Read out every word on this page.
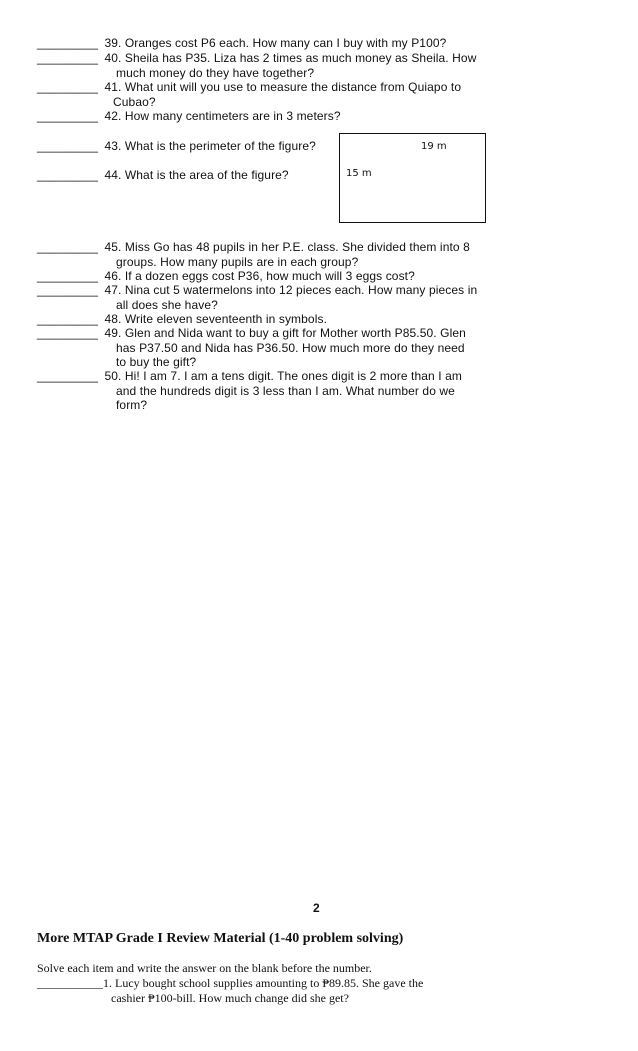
_________ 39. Oranges cost P6 each. How many can I buy with my P100?
_________ 40. Sheila has P35. Liza has 2 times as much money as Sheila. How
much money do they have together?
_________ 41. What unit will you use to measure the distance from Quiapo to
Cubao?
_________ 42. How many centimeters are in 3 meters?
_________ 43. What is the perimeter of the figure?
_________ 44. What is the area of the figure?
19 m
15 m
_________ 45. Miss Go has 48 pupils in her P.E. class. She divided them into 8
groups. How many pupils are in each group?
_________ 46. If a dozen eggs cost P36, how much will 3 eggs cost?
_________ 47. Nina cut 5 watermelons into 12 pieces each. How many pieces in
all does she have?
_________ 48. Write eleven seventeenth in symbols.
_________ 49. Glen and Nida want to buy a gift for Mother worth P85.50. Glen
has P37.50 and Nida has P36.50. How much more do they need
to buy the gift?
_________ 50. Hi! I am 7. I am a tens digit. The ones digit is 2 more than I am
and the hundreds digit is 3 less than I am. What number do we
form?
2
More MTAP Grade I Review Material (1-40 problem solving)
Solve each item and write the answer on the blank before the number.
___________1. Lucy bought school supplies amounting to ₱89.85. She gave the
cashier ₱100-bill. How much change did she get?
